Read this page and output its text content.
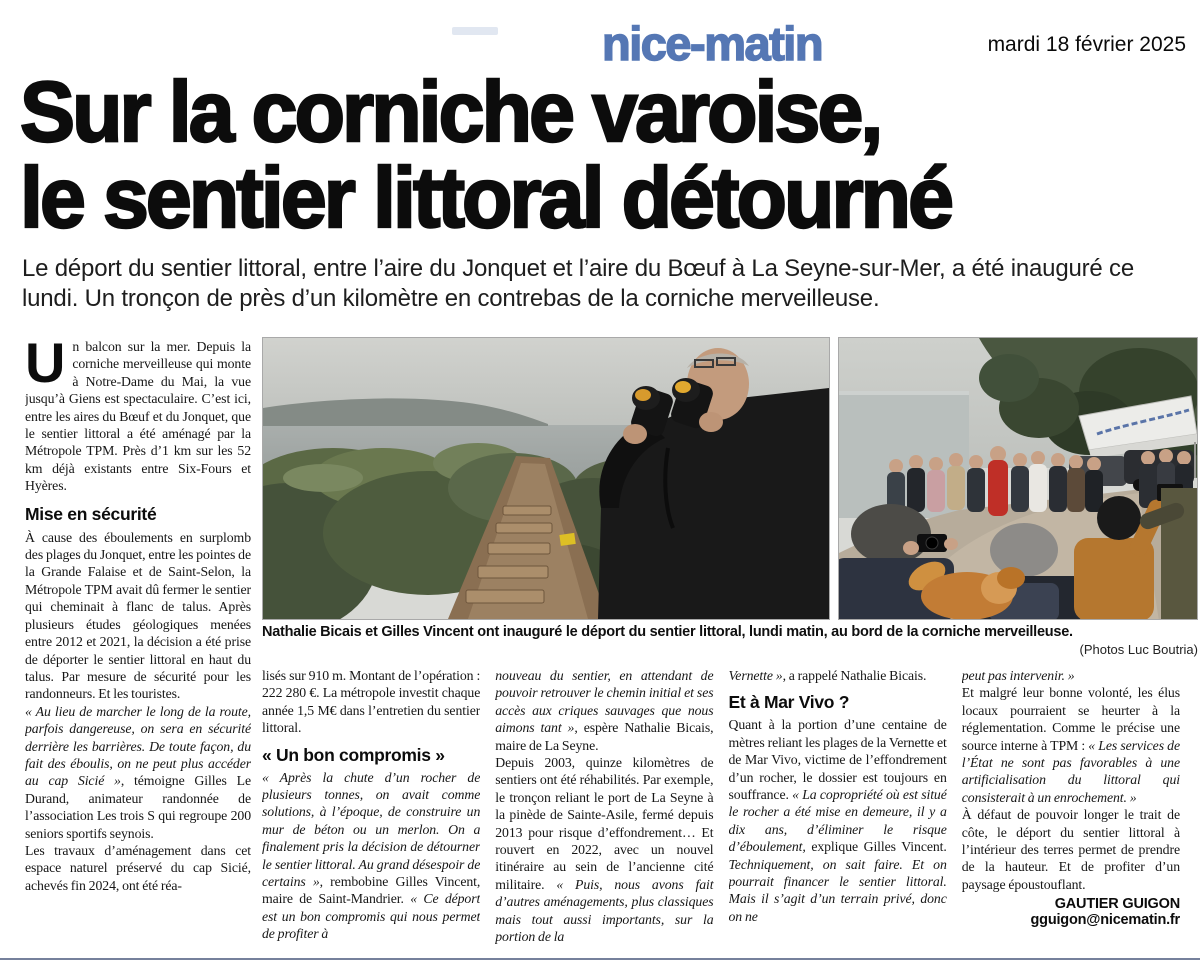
nice-matin	mardi 18 février 2025
Sur la corniche varoise,
le sentier littoral détourné

Le déport du sentier littoral, entre l’aire du Jonquet et l’aire du Bœuf à La Seyne-sur-Mer, a été inauguré ce lundi. Un tronçon de près d’un kilomètre en contrebas de la corniche merveilleuse.

Un balcon sur la mer. Depuis la corniche merveilleuse qui monte à Notre-Dame du Mai, la vue jusqu’à Giens est spectaculaire. C’est ici, entre les aires du Bœuf et du Jonquet, que le sentier littoral a été aménagé par la Métropole TPM. Près d’1 km sur les 52 km déjà existants entre Six-Fours et Hyères.

Mise en sécurité

À cause des éboulements en surplomb des plages du Jonquet, entre les pointes de la Grande Falaise et de Saint-Selon, la Métropole TPM avait dû fermer le sentier qui cheminait à flanc de talus. Après plusieurs études géologiques menées entre 2012 et 2021, la décision a été prise de déporter le sentier littoral en haut du talus. Par mesure de sécurité pour les randonneurs. Et les touristes.

« Au lieu de marcher le long de la route, parfois dangereuse, on sera en sécurité derrière les barrières. De toute façon, du fait des éboulis, on ne peut plus accéder au cap Sicié », témoigne Gilles Le Durand, animateur randonnée de l’association Les trois S qui regroupe 200 seniors sportifs seynois.

Les travaux d’aménagement dans cet espace naturel préservé du cap Sicié, achevés fin 2024, ont été réa-

Nathalie Bicais et Gilles Vincent ont inauguré le déport du sentier littoral, lundi matin, au bord de la corniche merveilleuse.

(Photos Luc Boutria)

lisés sur 910 m. Montant de l’opération : 222 280 €. La métropole investit chaque année 1,5 M€ dans l’entretien du sentier littoral.

« Un bon compromis »

« Après la chute d’un rocher de plusieurs tonnes, on avait comme solutions, à l’époque, de construire un mur de béton ou un merlon. On a finalement pris la décision de détourner le sentier littoral. Au grand désespoir de certains », rembobine Gilles Vincent, maire de Saint-Mandrier. « Ce déport est un bon compromis qui nous permet de profiter à

nouveau du sentier, en attendant de pouvoir retrouver le chemin initial et ses accès aux criques sauvages que nous aimons tant », espère Nathalie Bicais, maire de La Seyne.

Depuis 2003, quinze kilomètres de sentiers ont été réhabilités. Par exemple, le tronçon reliant le port de La Seyne à la pinède de Sainte-Asile, fermé depuis 2013 pour risque d’effondrement… Et rouvert en 2022, avec un nouvel itinéraire au sein de l’ancienne cité militaire. « Puis, nous avons fait d’autres aménagements, plus classiques mais tout aussi importants, sur la portion de la

Vernette », a rappelé Nathalie Bicais.

Et à Mar Vivo ?

Quant à la portion d’une centaine de mètres reliant les plages de la Vernette et de Mar Vivo, victime de l’effondrement d’un rocher, le dossier est toujours en souffrance. « La copropriété où est situé le rocher a été mise en demeure, il y a dix ans, d’éliminer le risque d’éboulement, explique Gilles Vincent. Techniquement, on sait faire. Et on pourrait financer le sentier littoral. Mais il s’agit d’un terrain privé, donc on ne

peut pas intervenir. »

Et malgré leur bonne volonté, les élus locaux pourraient se heurter à la réglementation. Comme le précise une source interne à TPM : « Les services de l’État ne sont pas favorables à une artificialisation du littoral qui consisterait à un enrochement. »

À défaut de pouvoir longer le trait de côte, le déport du sentier littoral à l’intérieur des terres permet de prendre de la hauteur. Et de profiter d’un paysage époustouflant.

GAUTIER GUIGON

gguigon@nicematin.fr
